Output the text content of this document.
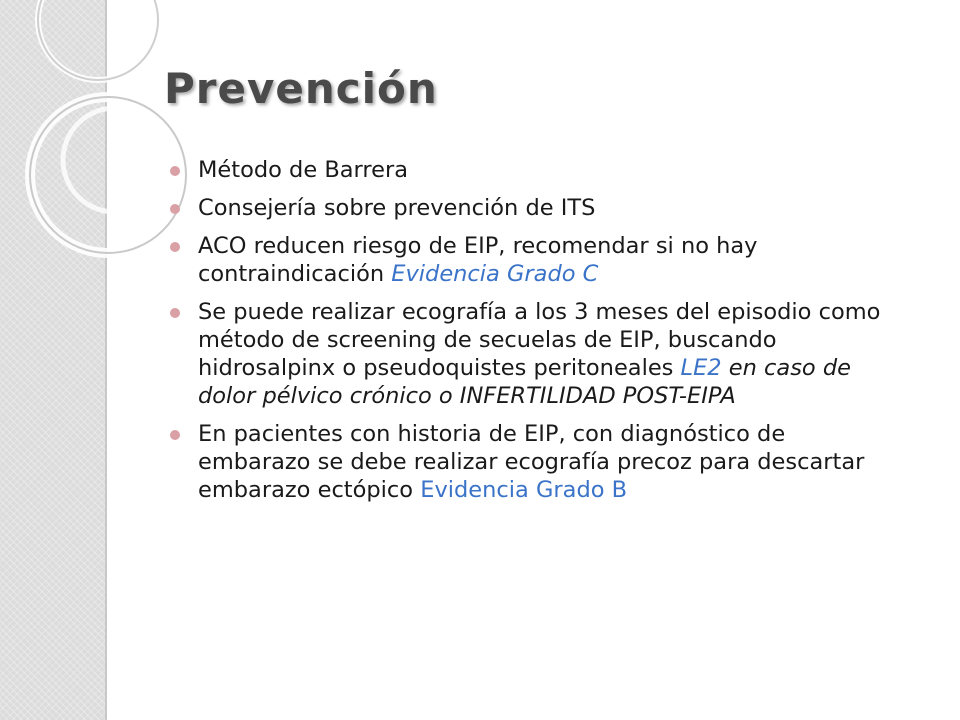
Prevención
Método de Barrera
Consejería sobre prevención de ITS
ACO reducen riesgo de EIP, recomendar si no hay contraindicación Evidencia Grado C
Se puede realizar ecografía a los 3 meses del episodio como método de screening de secuelas de EIP, buscando hidrosalpinx o pseudoquistes peritoneales LE2 en caso de dolor pélvico crónico o INFERTILIDAD POST-EIPA
En pacientes con historia de EIP, con diagnóstico de embarazo se debe realizar ecografía precoz para descartar embarazo ectópico Evidencia Grado B
